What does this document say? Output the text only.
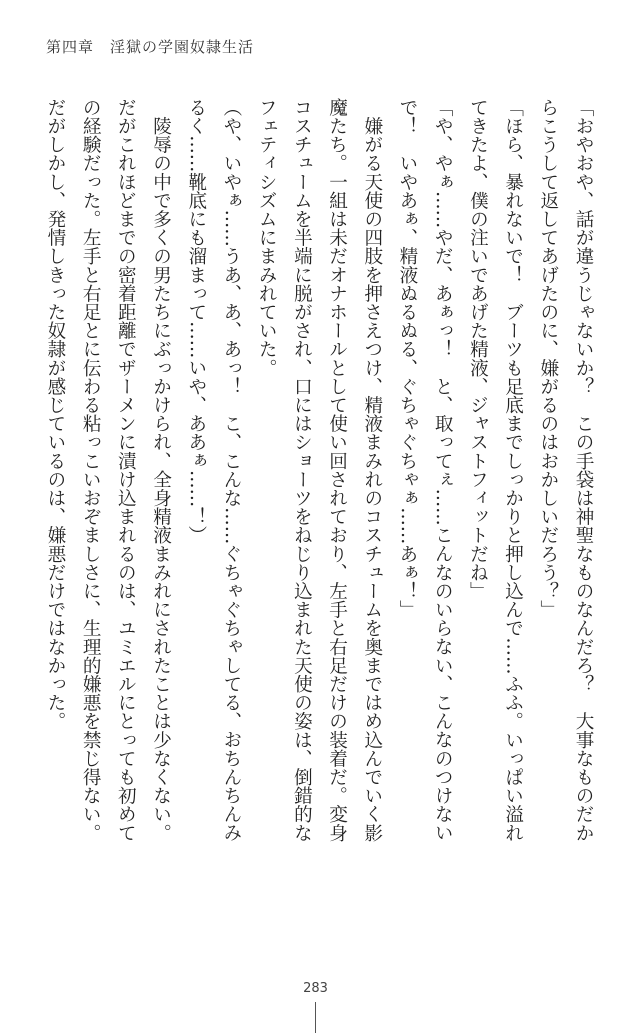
第四章　淫獄の学園奴隷生活
「おやおや、話が違うじゃないか？　この手袋は神聖なものなんだろ？　大事なものだか
らこうして返してあげたのに、嫌がるのはおかしいだろう？」
「ほら、暴れないで！　ブーツも足底までしっかりと押し込んで……ふふ。いっぱい溢れ
てきたよ、僕の注いであげた精液、ジャストフィットだね」
「や、やぁ……やだ、あぁっ！　と、取ってぇ……こんなのいらない、こんなのつけない
で！　いやあぁ、精液ぬるぬる、ぐちゃぐちゃぁ……あぁ！」
　嫌がる天使の四肢を押さえつけ、精液まみれのコスチュームを奥まではめ込んでいく影
魔たち。一組は未だオナホールとして使い回されており、左手と右足だけの装着だ。変身
コスチュームを半端に脱がされ、口にはショーツをねじり込まれた天使の姿は、倒錯的な
フェティシズムにまみれていた。
（や、いやぁ……うあ、あ、あっ！　こ、こんな……ぐちゃぐちゃしてる、おちんちんみ
るく……靴底にも溜まって……いや、ああぁ……！）
　陵辱の中で多くの男たちにぶっかけられ、全身精液まみれにされたことは少なくない。
だがこれほどまでの密着距離でザーメンに漬け込まれるのは、ユミエルにとっても初めて
の経験だった。左手と右足とに伝わる粘っこいおぞましさに、生理的嫌悪を禁じ得ない。
だがしかし、発情しきった奴隷が感じているのは、嫌悪だけではなかった。
283
